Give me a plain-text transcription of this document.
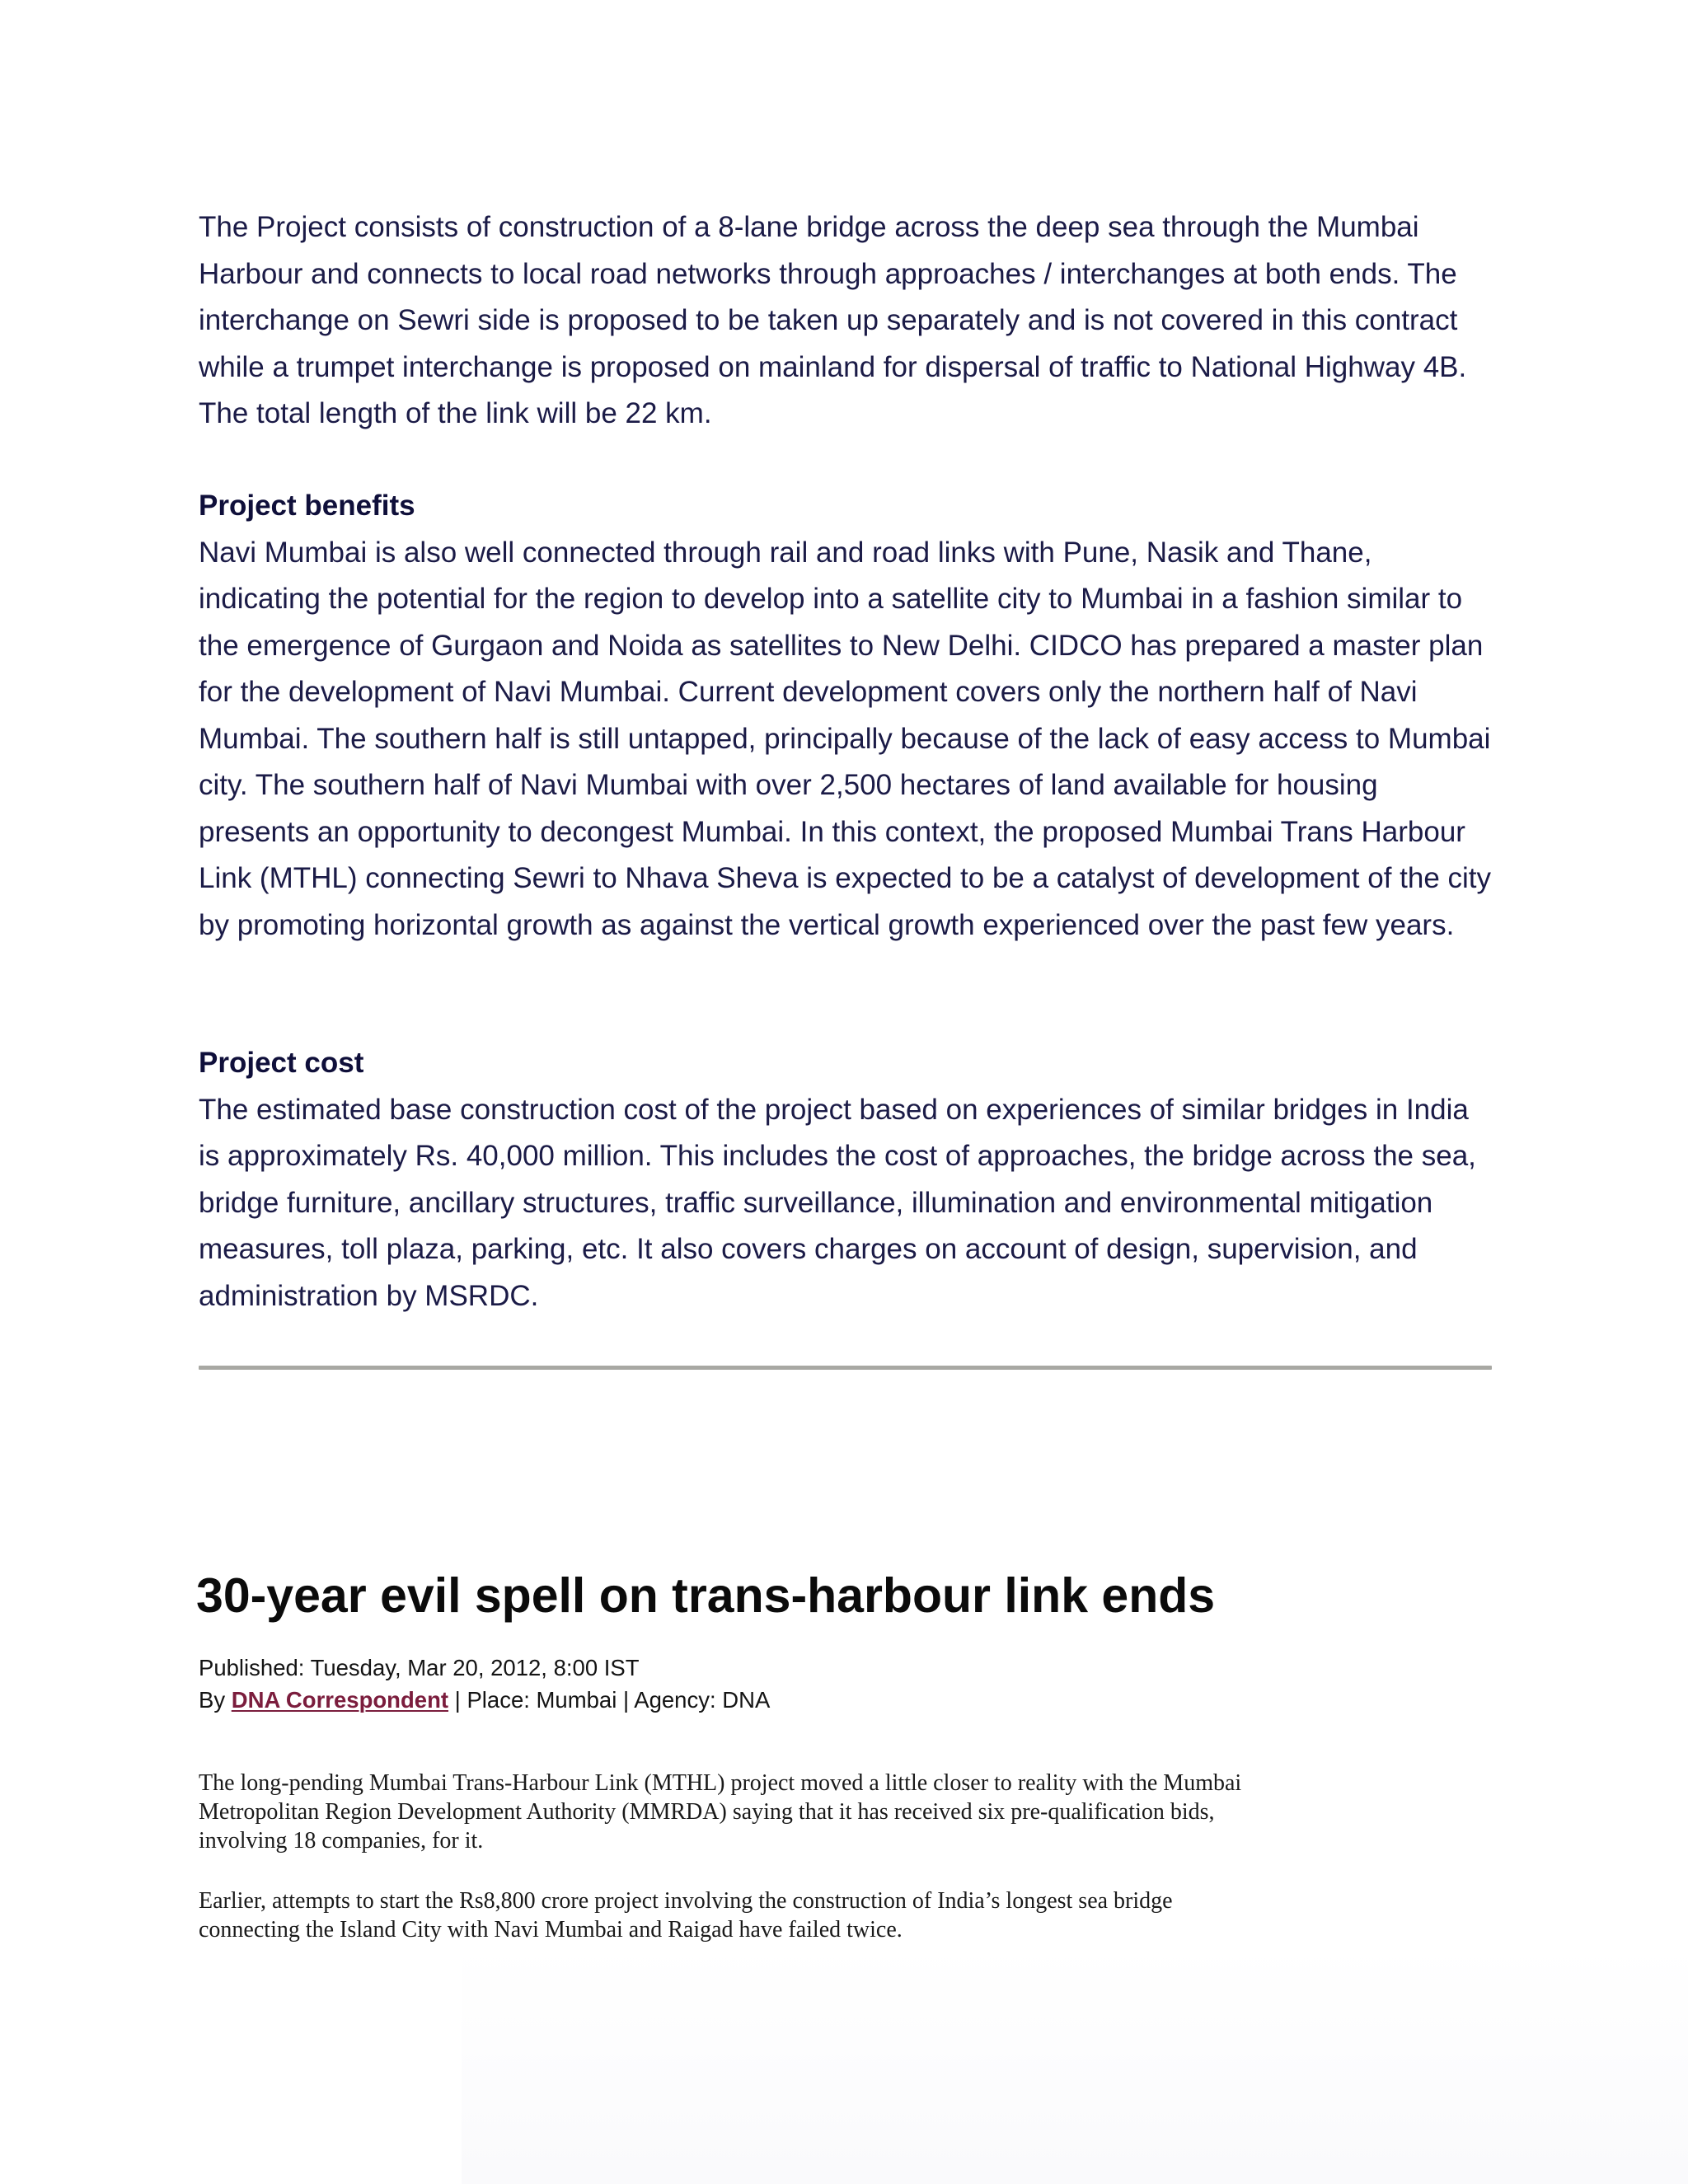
The Project consists of construction of a 8-lane bridge across the deep sea through the Mumbai Harbour and connects to local road networks through approaches / interchanges at both ends. The interchange on Sewri side is proposed to be taken up separately and is not covered in this contract while a trumpet interchange is proposed on mainland for dispersal of traffic to National Highway 4B. The total length of the link will be 22 km.

Project benefits

Navi Mumbai is also well connected through rail and road links with Pune, Nasik and Thane, indicating the potential for the region to develop into a satellite city to Mumbai in a fashion similar to the emergence of Gurgaon and Noida as satellites to New Delhi. CIDCO has prepared a master plan for the development of Navi Mumbai. Current development covers only the northern half of Navi Mumbai. The southern half is still untapped, principally because of the lack of easy access to Mumbai city. The southern half of Navi Mumbai with over 2,500 hectares of land available for housing presents an opportunity to decongest Mumbai. In this context, the proposed Mumbai Trans Harbour Link (MTHL) connecting Sewri to Nhava Sheva is expected to be a catalyst of development of the city by promoting horizontal growth as against the vertical growth experienced over the past few years.

Project cost

The estimated base construction cost of the project based on experiences of similar bridges in India is approximately Rs. 40,000 million. This includes the cost of approaches, the bridge across the sea, bridge furniture, ancillary structures, traffic surveillance, illumination and environmental mitigation measures, toll plaza, parking, etc. It also covers charges on account of design, supervision, and administration by MSRDC.

30-year evil spell on trans-harbour link ends
Published: Tuesday, Mar 20, 2012, 8:00 IST
By DNA Correspondent | Place: Mumbai | Agency: DNA

The long-pending Mumbai Trans-Harbour Link (MTHL) project moved a little closer to reality with the Mumbai Metropolitan Region Development Authority (MMRDA) saying that it has received six pre-qualification bids, involving 18 companies, for it.

Earlier, attempts to start the Rs8,800 crore project involving the construction of India’s longest sea bridge connecting the Island City with Navi Mumbai and Raigad have failed twice.
